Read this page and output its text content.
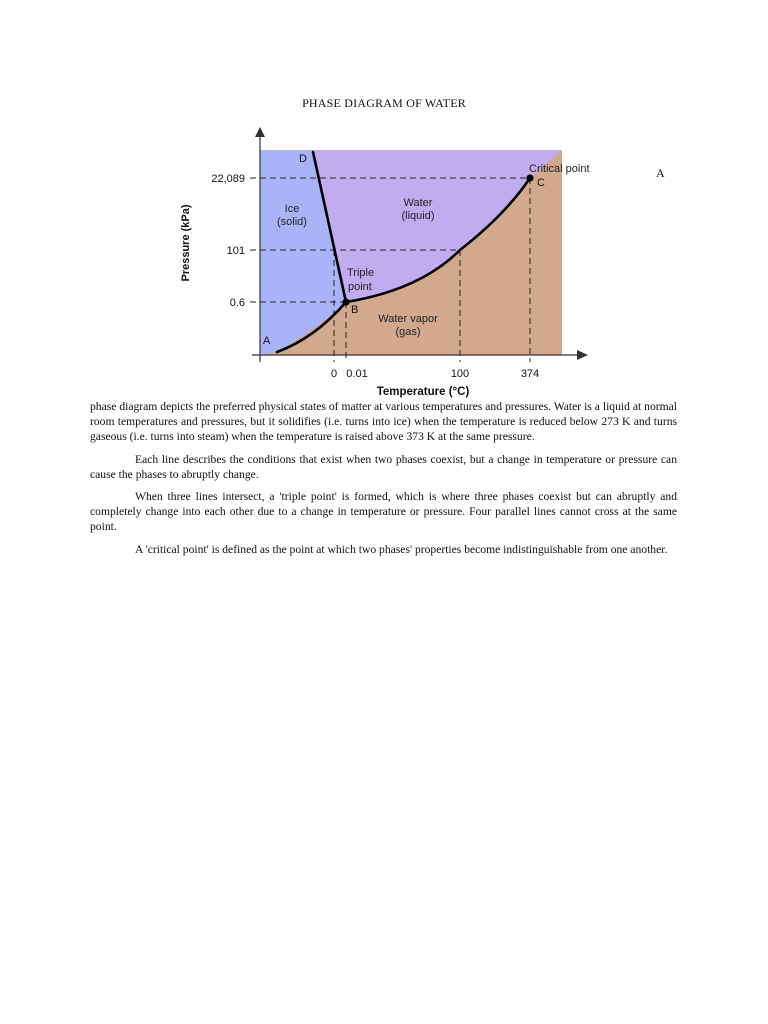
PHASE DIAGRAM OF WATER
A
22,089
101
0.6
0 0.01	100	374
Temperature (°C)
Pressure (kPa)	Ice
(solid)
Water
(liquid)
Water vapor
(gas)
D
A
B
C
Triple
point
Critical point

phase diagram depicts the preferred physical states of matter at various temperatures and pressures. Water is a liquid at normal room temperatures and pressures, but it solidifies (i.e. turns into ice) when the temperature is reduced below 273 K and turns gaseous (i.e. turns into steam) when the temperature is raised above 373 K at the same pressure.

Each line describes the conditions that exist when two phases coexist, but a change in temperature or pressure can cause the phases to abruptly change.

When three lines intersect, a 'triple point' is formed, which is where three phases coexist but can abruptly and completely change into each other due to a change in temperature or pressure. Four parallel lines cannot cross at the same point.

A 'critical point' is defined as the point at which two phases' properties become indistinguishable from one another.
